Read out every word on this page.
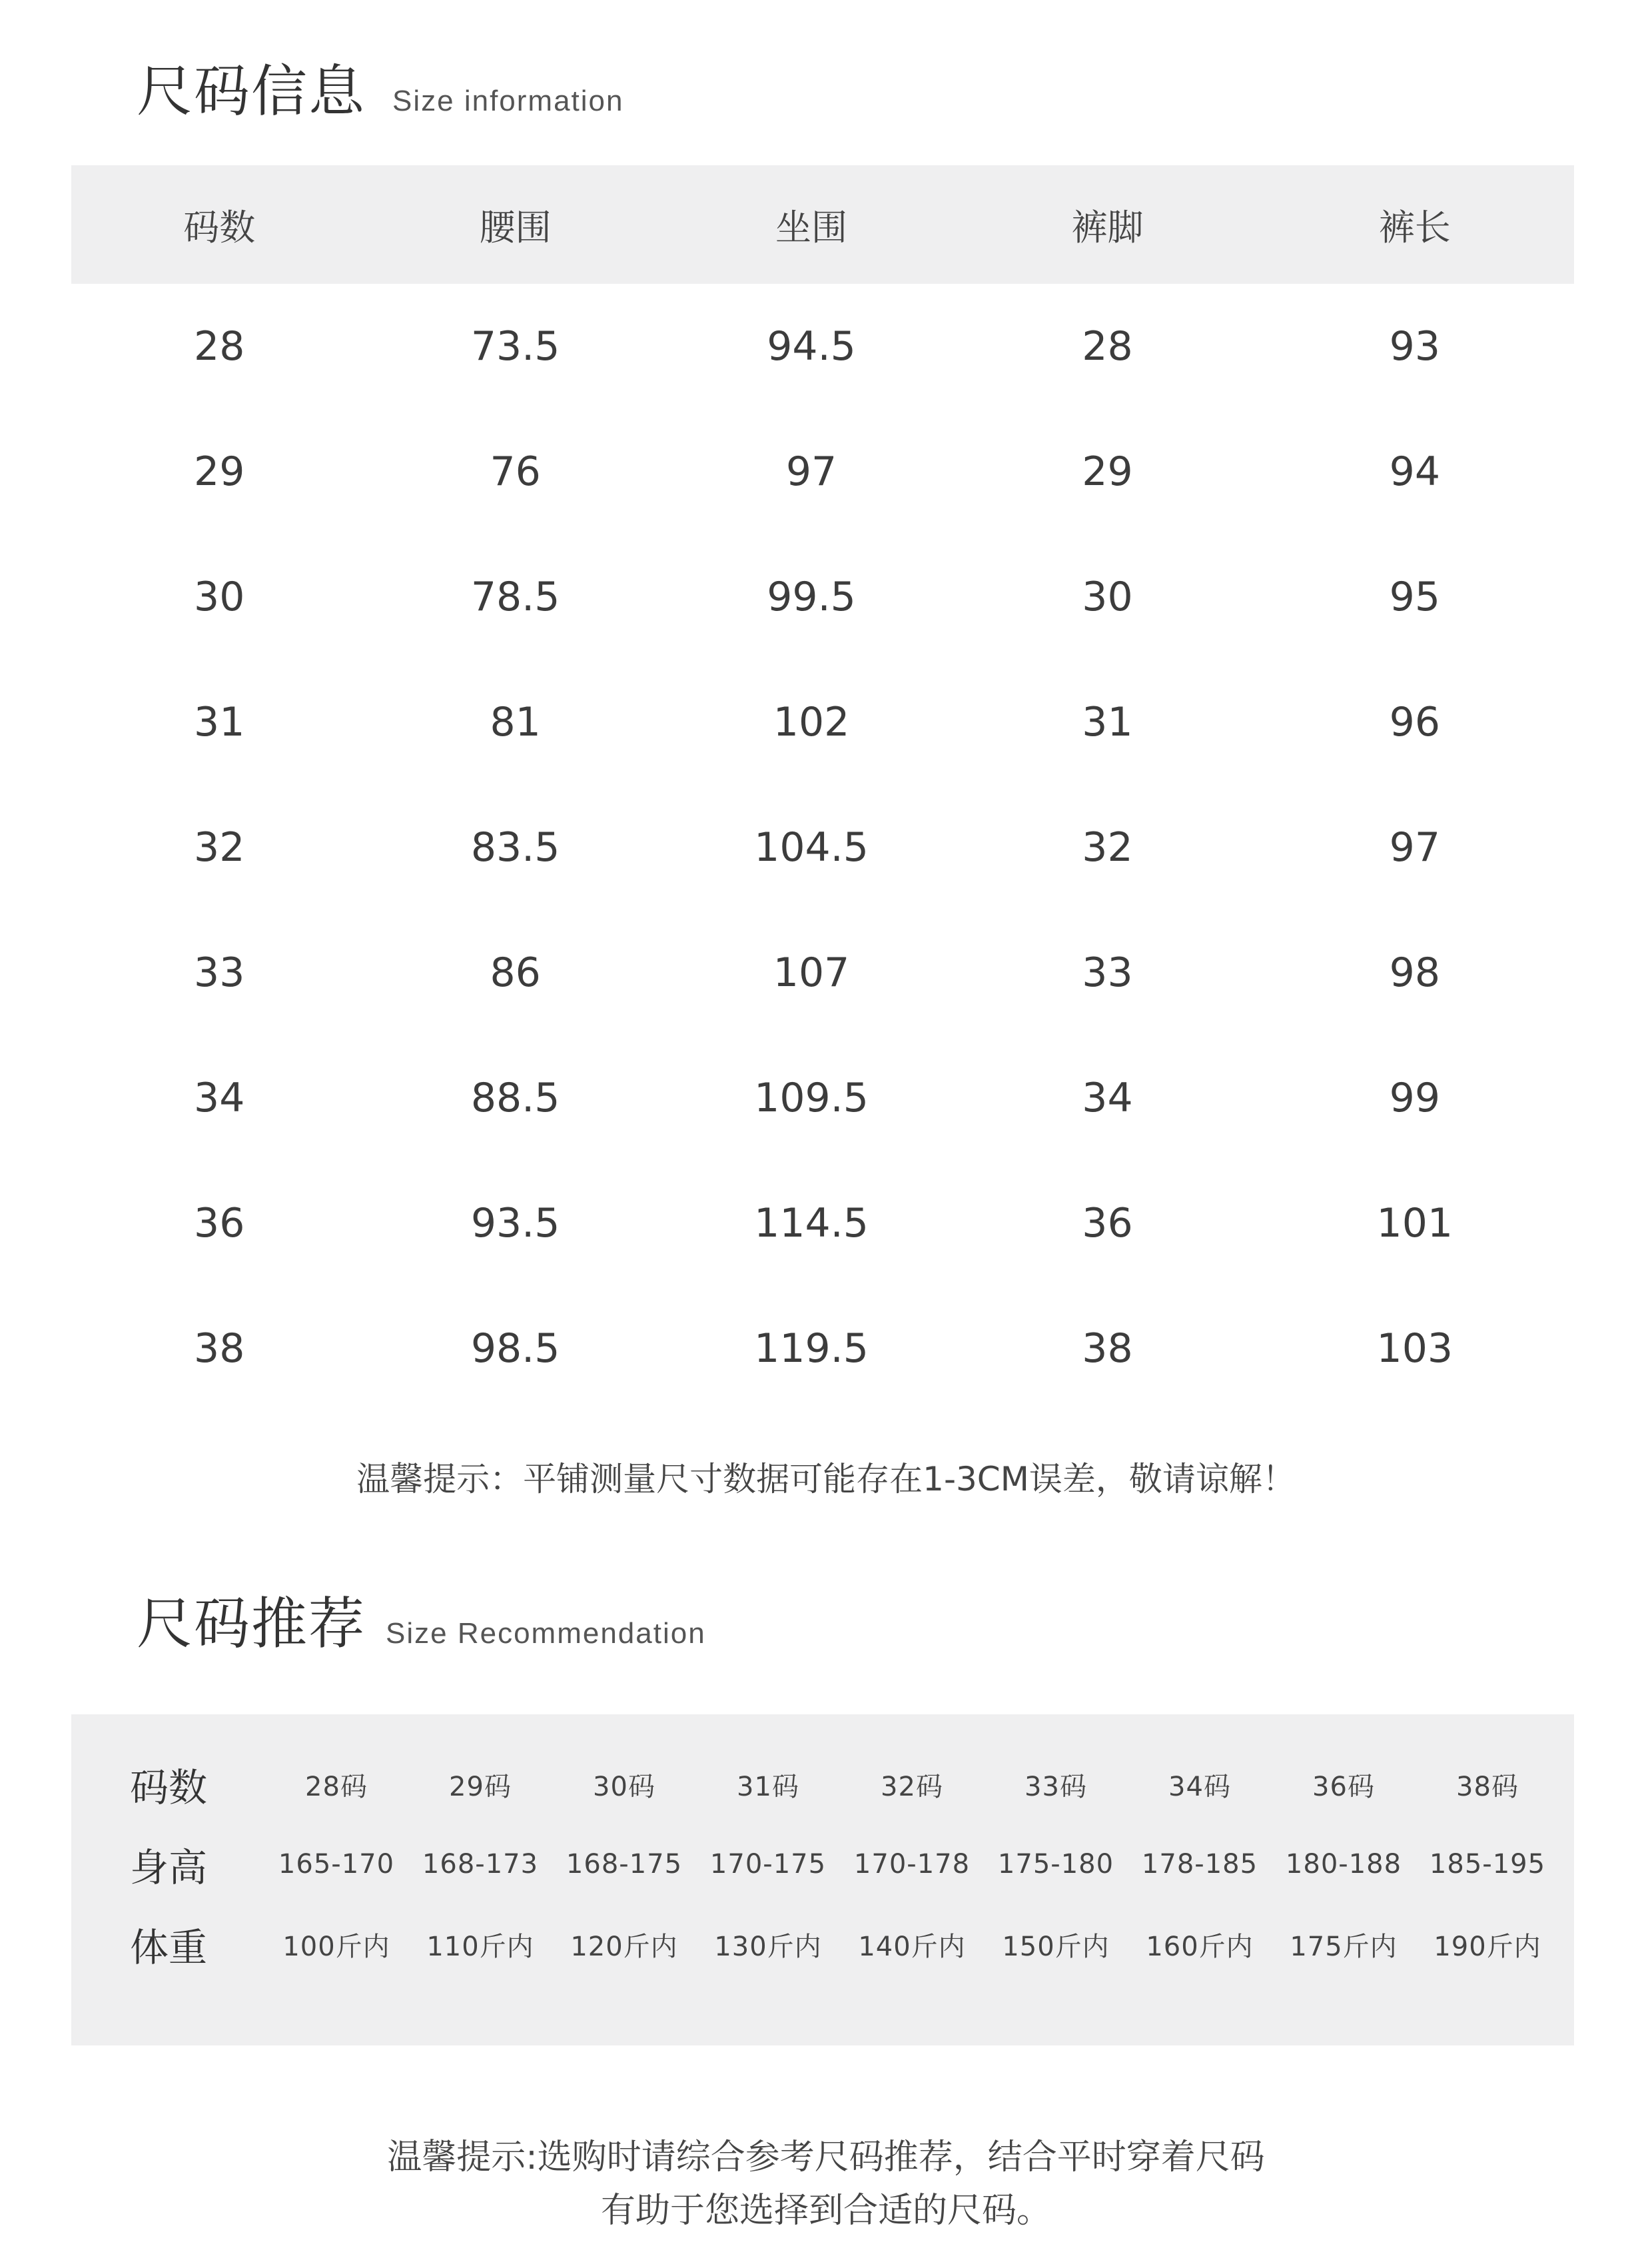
尺码信息 Size information
码数	腰围	坐围	裤脚	裤长
28	73.5	94.5	28	93
29	76	97	29	94
30	78.5	99.5	30	95
31	81	102	31	96
32	83.5	104.5	32	97
33	86	107	33	98
34	88.5	109.5	34	99
36	93.5	114.5	36	101
38	98.5	119.5	38	103
温馨提示：平铺测量尺寸数据可能存在1-3CM误差，敬请谅解！
尺码推荐 Size Recommendation
码数	28码	29码	30码	31码	32码	33码	34码	36码	38码
身高	165-170	168-173	168-175	170-175	170-178	175-180	178-185	180-188	185-195
体重	100斤内	110斤内	120斤内	130斤内	140斤内	150斤内	160斤内	175斤内	190斤内
温馨提示:选购时请综合参考尺码推荐，结合平时穿着尺码
有助于您选择到合适的尺码。
